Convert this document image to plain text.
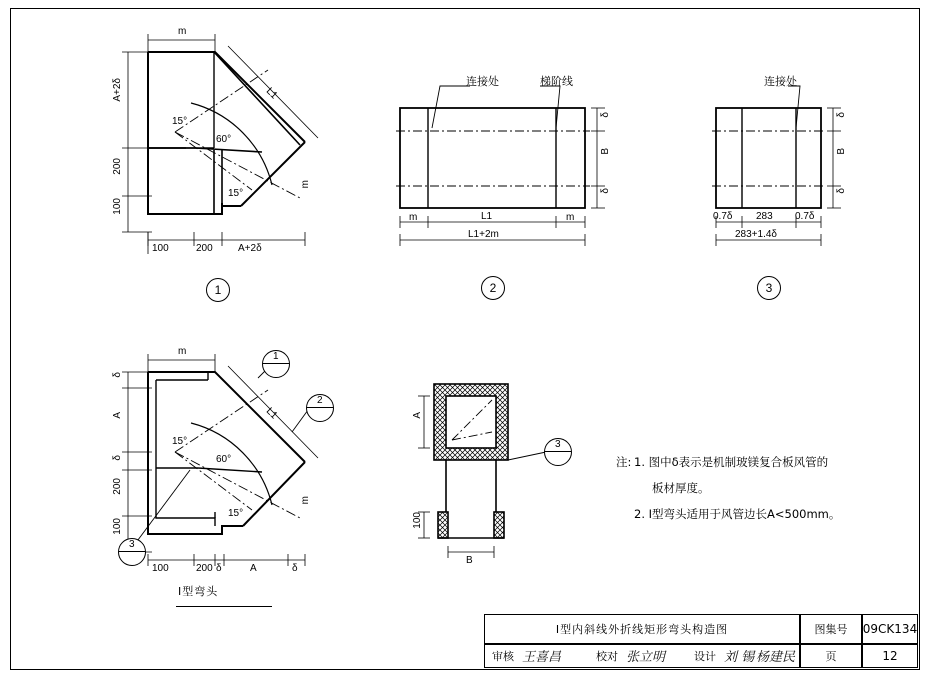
m
A+2δ
200
100
100	200	A+2δ
L1
15°
60°
15°
m
1
连接处	梯阶线
δ
B
δ
m	L1	m
L1+2m
2
连接处
δ
B
δ
0.7δ 283 0.7δ
283+1.4δ
3
m
δ
A
δ
200
100
100	200 δ	A	δ
L1
15°
60°
15°
m
1
2
3
I型弯头
A
100
B
3
注: 1. 图中δ表示是机制玻镁复合板风管的
板材厚度。
2. I型弯头适用于风管边长A<500mm。
I型内斜线外折线矩形弯头构造图	图集号	09CK134
页	12
审核 王喜昌	校对 张立明	设计 刘 锡 杨建民
